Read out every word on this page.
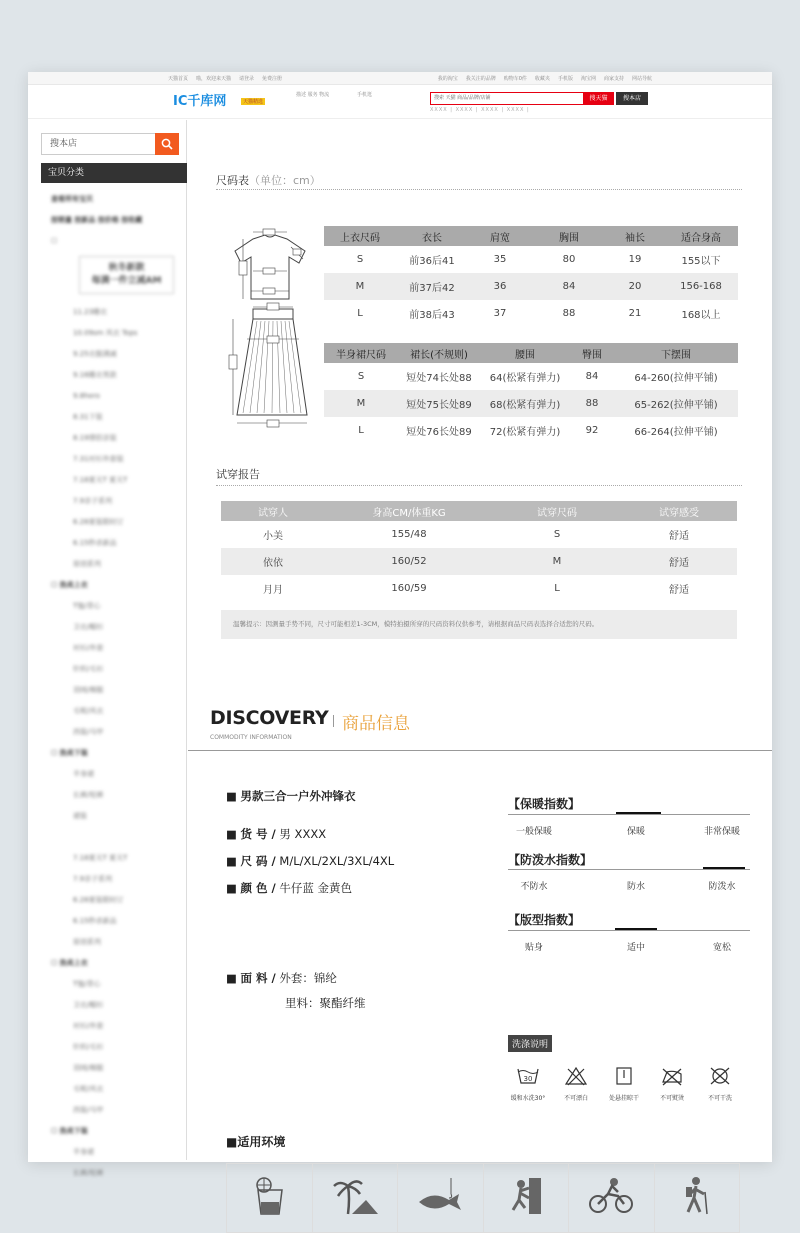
天猫首页 喵，欢迎来天猫 请登录 免费注册	我的淘宝 我关注的品牌 购物车0件 收藏夹 手机版 淘宝网 商家支持 网站导航
IC千库网	天猫精选
描述 服务 物流	手机逛	搜索 天猫 商品/品牌/店铺	搜天猫	搜本店
XXXX | XXXX | XXXX | XXXX |
搜本店
宝贝分类
查看所有宝贝
按销量 按新品 按价格 按收藏
☐
秋冬新款
每满一件立减AM
11.23睡衣
10.09sm 风衣 Tops
9.25衣服满减
9.16睡衣男款
9.8hero
8.31下装
8.19情侣亲装
7.31衬衫外套装
7.18夏天T 夏天T
7.9亲子系列
6.28夏装限时订
6.15秒杀新品
原创系列
☐ 热卖上衣
T恤/背心
卫衣/帽衫
衬衫/外套
针织/毛衫
羽绒/棉服
毛呢/风衣
西装/马甲
☐ 热卖下装
半身裙
长裤/短裤
裙装
7.18夏天T 夏天T
7.9亲子系列
6.28夏装限时订
6.15秒杀新品
原创系列
☐ 热卖上衣
T恤/背心
卫衣/帽衫
衬衫/外套
针织/毛衫
羽绒/棉服
毛呢/风衣
西装/马甲
☐ 热卖下装
半身裙
长裤/短裤
尺码表（单位：cm）
上衣尺码	衣长	肩宽	胸围	袖长	适合身高
S	前36后41	35	80	19	155以下
M	前37后42	36	84	20	156-168
L	前38后43	37	88	21	168以上
半身裙尺码	裙长(不规则)	腰围	臀围	下摆围
S	短处74长处88	64(松紧有弹力)	84	64-260(拉伸平铺)
M	短处75长处89	68(松紧有弹力)	88	65-262(拉伸平铺)
L	短处76长处89	72(松紧有弹力)	92	66-264(拉伸平铺)
试穿报告
试穿人	身高CM/体重KG	试穿尺码	试穿感受
小美	155/48	S	舒适
依依	160/52	M	舒适
月月	160/59	L	舒适
温馨提示：因测量手势不同，尺寸可能相差1-3CM，模特拍摄所穿的尺码资料仅供参考，请根据商品尺码表选择合适您的尺码。
DISCOVERY
COMMODITY INFORMATION
商品信息
■ 男款三合一户外冲锋衣
■ 货 号 / 男 XXXX
■ 尺 码 / M/L/XL/2XL/3XL/4XL
■ 颜 色 / 牛仔蓝 金黄色
■ 面 料 / 外套：锦纶
里料：聚酯纤维
【保暖指数】
一般保暖	保暖	非常保暖
【防泼水指数】
不防水	防水	防泼水
【版型指数】
贴身	适中	宽松
洗涤说明
30
缓和水洗30°	不可漂白	处悬挂晾干	不可熨烫	不可干洗
■适用环境
